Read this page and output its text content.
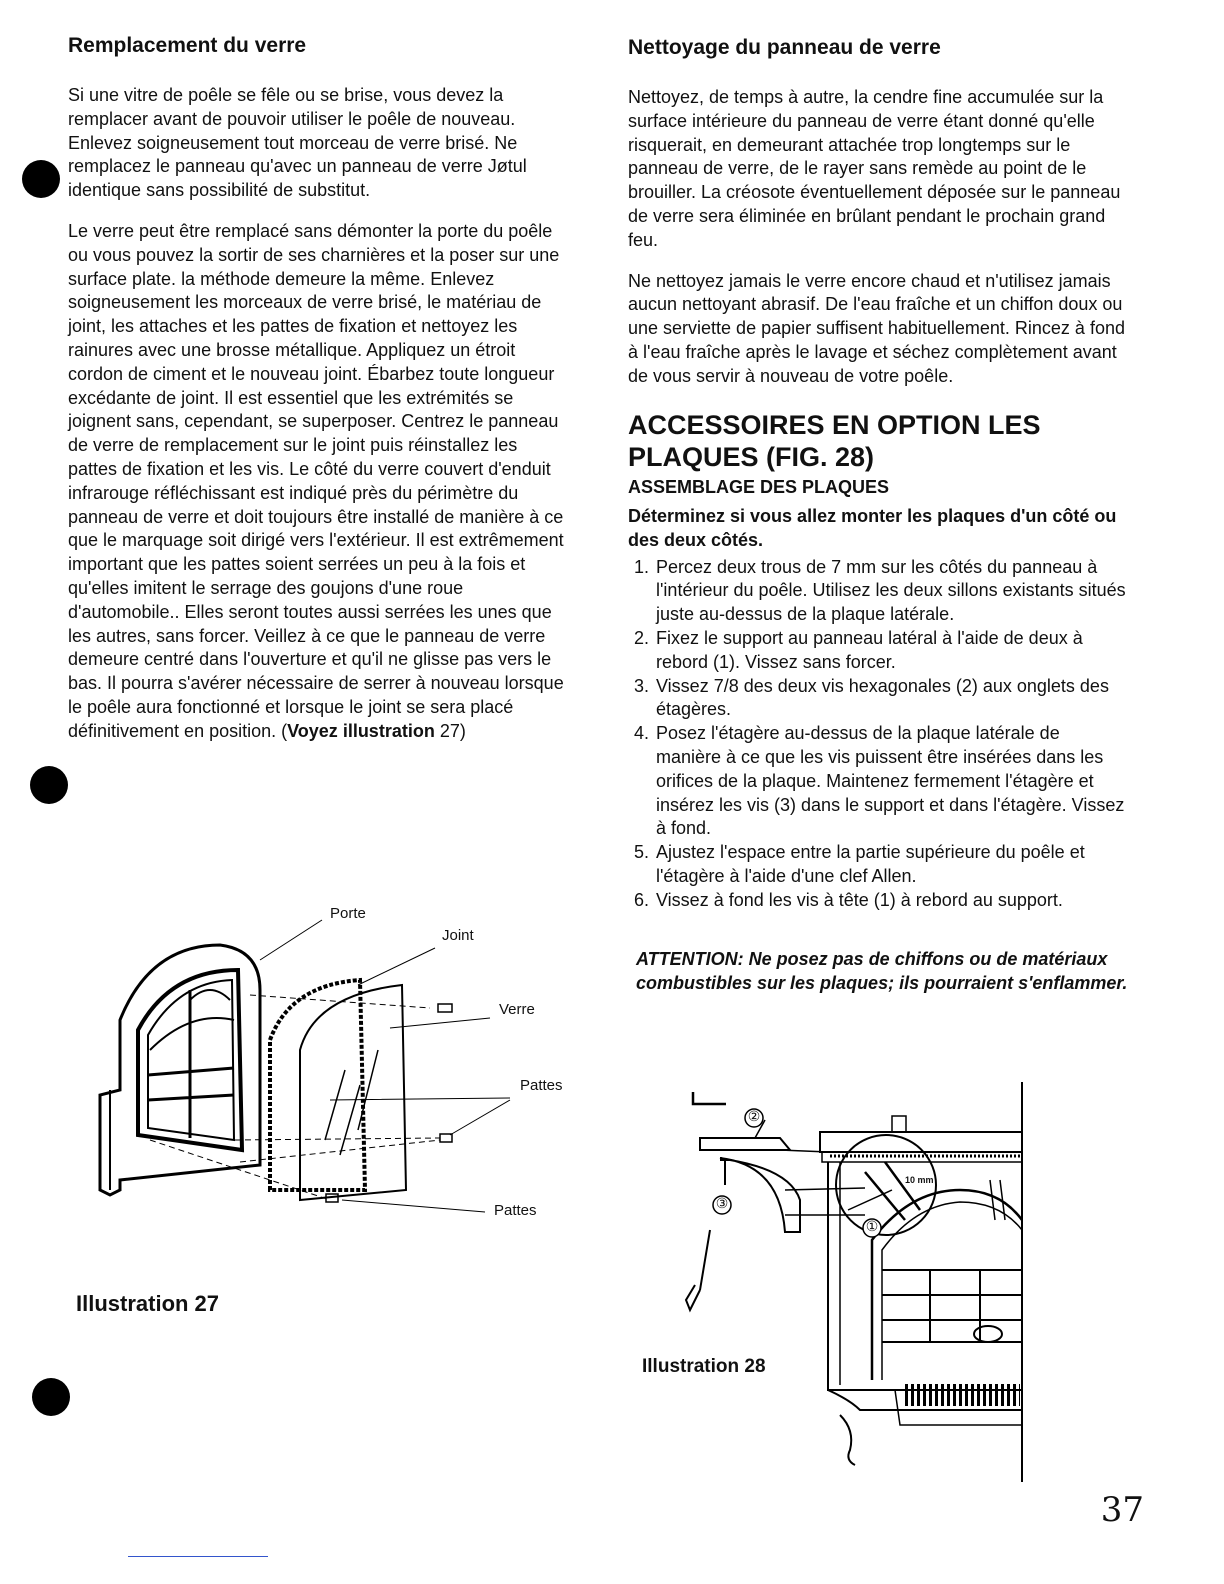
Remplacement du verre

Si une vitre de poêle se fêle ou se brise, vous devez la remplacer avant de pouvoir utiliser le poêle de nouveau. Enlevez soigneusement tout morceau de verre brisé. Ne remplacez le panneau qu'avec un panneau de verre Jøtul identique sans possibilité de substitut.

Le verre peut être remplacé sans démonter la porte du poêle ou vous pouvez la sortir de ses charnières et la poser sur une surface plate. la méthode demeure la même. Enlevez soigneusement les morceaux de verre brisé, le matériau de joint, les attaches et les pattes de fixation et nettoyez les rainures avec une brosse métallique. Appliquez un étroit cordon de ciment et le nouveau joint. Ébarbez toute longueur excédante de joint. Il est essentiel que les extrémités se joignent sans, cependant, se superposer. Centrez le panneau de verre de remplacement sur le joint puis réinstallez les pattes de fixation et les vis. Le côté du verre couvert d'enduit infrarouge réfléchissant est indiqué près du périmètre du panneau de verre et doit toujours être installé de manière à ce que le marquage soit dirigé vers l'extérieur. Il est extrêmement important que les pattes soient serrées un peu à la fois et qu'elles imitent le serrage des goujons d'une roue d'automobile.. Elles seront toutes aussi serrées les unes que les autres, sans forcer. Veillez à ce que le panneau de verre demeure centré dans l'ouverture et qu'il ne glisse pas vers le bas. Il pourra s'avérer nécessaire de serrer à nouveau lorsque le poêle aura fonctionné et lorsque le joint se sera placé définitivement en position. (Voyez illustration 27)

Porte
Joint
Verre
Pattes
Pattes
Illustration 27
Nettoyage du panneau de verre

Nettoyez, de temps à autre, la cendre fine accumulée sur la surface intérieure du panneau de verre étant donné qu'elle risquerait, en demeurant attachée trop longtemps sur le panneau de verre, de le rayer sans remède au point de le brouiller. La créosote éventuellement déposée sur le panneau de verre sera éliminée en brûlant pendant le prochain grand feu.

Ne nettoyez jamais le verre encore chaud et n'utilisez jamais aucun nettoyant abrasif. De l'eau fraîche et un chiffon doux ou une serviette de papier suffisent habituellement. Rincez à fond à l'eau fraîche après le lavage et séchez complètement avant de vous servir à nouveau de votre poêle.

ACCESSOIRES EN OPTION LES PLAQUES (FIG. 28)
ASSEMBLAGE DES PLAQUES
Déterminez si vous allez monter les plaques d'un côté ou des deux côtés.
1. Percez deux trous de 7 mm sur les côtés du panneau à l'intérieur du poêle. Utilisez les deux sillons existants situés juste au-dessus de la plaque latérale.
2. Fixez le support au panneau latéral à l'aide de deux à rebord (1). Vissez sans forcer.
3. Vissez 7/8 des deux vis hexagonales (2) aux onglets des étagères.
4. Posez l'étagère au-dessus de la plaque latérale de manière à ce que les vis puissent être insérées dans les orifices de la plaque. Maintenez fermement l'étagère et insérez les vis (3) dans le support et dans l'étagère. Vissez à fond.
5. Ajustez l'espace entre la partie supérieure du poêle et l'étagère à l'aide d'une clef Allen.
6. Vissez à fond les vis à tête (1) à rebord au support.
ATTENTION: Ne posez pas de chiffons ou de matériaux combustibles sur les plaques; ils pourraient s'enflammer.
②
③
①
10 mm
Illustration 28
37
